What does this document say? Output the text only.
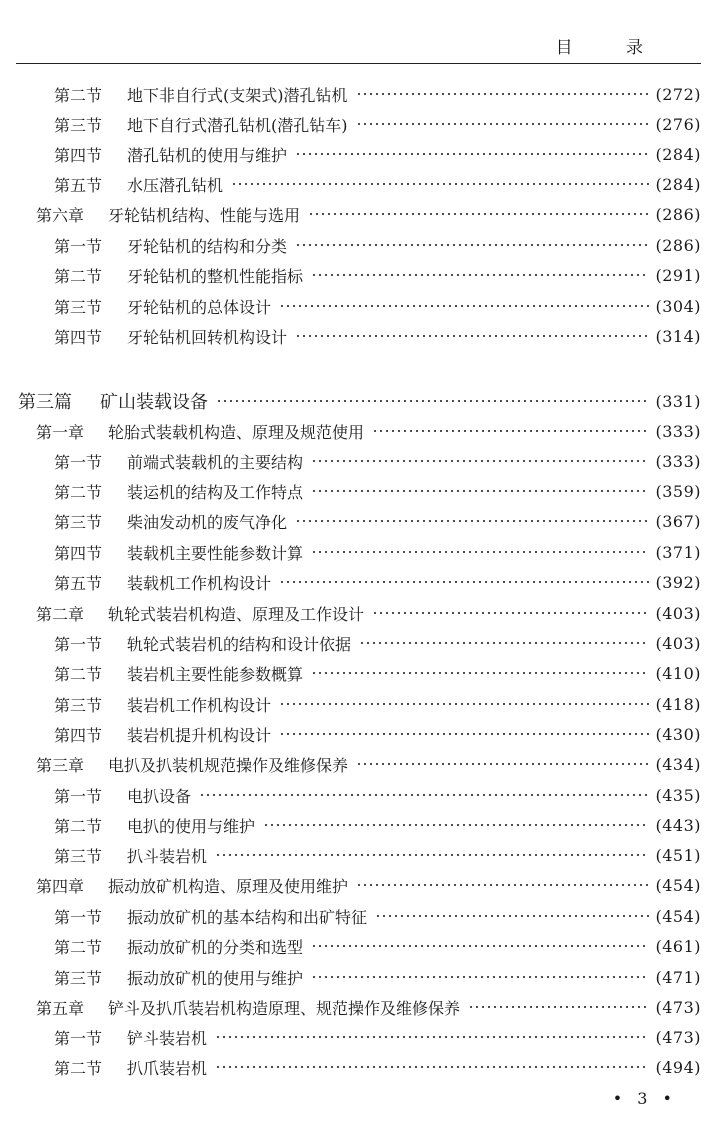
目 录
第二节	地下非自行式(支架式)潜孔钻机	(272)
第三节	地下自行式潜孔钻机(潜孔钻车)	(276)
第四节	潜孔钻机的使用与维护	(284)
第五节	水压潜孔钻机	(284)
第六章	牙轮钻机结构、性能与选用	(286)
第一节	牙轮钻机的结构和分类	(286)
第二节	牙轮钻机的整机性能指标	(291)
第三节	牙轮钻机的总体设计	(304)
第四节	牙轮钻机回转机构设计	(314)
第三篇	矿山装载设备	(331)
第一章	轮胎式装载机构造、原理及规范使用	(333)
第一节	前端式装载机的主要结构	(333)
第二节	装运机的结构及工作特点	(359)
第三节	柴油发动机的废气净化	(367)
第四节	装载机主要性能参数计算	(371)
第五节	装载机工作机构设计	(392)
第二章	轨轮式装岩机构造、原理及工作设计	(403)
第一节	轨轮式装岩机的结构和设计依据	(403)
第二节	装岩机主要性能参数概算	(410)
第三节	装岩机工作机构设计	(418)
第四节	装岩机提升机构设计	(430)
第三章	电扒及扒装机规范操作及维修保养	(434)
第一节	电扒设备	(435)
第二节	电扒的使用与维护	(443)
第三节	扒斗装岩机	(451)
第四章	振动放矿机构造、原理及使用维护	(454)
第一节	振动放矿机的基本结构和出矿特征	(454)
第二节	振动放矿机的分类和选型	(461)
第三节	振动放矿机的使用与维护	(471)
第五章	铲斗及扒爪装岩机构造原理、规范操作及维修保养	(473)
第一节	铲斗装岩机	(473)
第二节	扒爪装岩机	(494)
• 3 •
